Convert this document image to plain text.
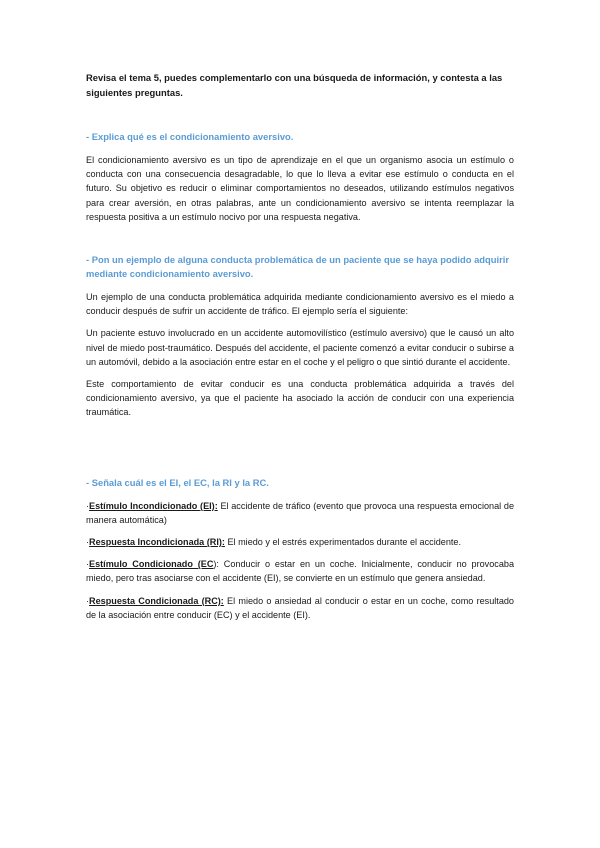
Revisa el tema 5, puedes complementarlo con una búsqueda de información, y contesta a las siguientes preguntas.

- Explica qué es el condicionamiento aversivo.

El condicionamiento aversivo es un tipo de aprendizaje en el que un organismo asocia un estímulo o conducta con una consecuencia desagradable, lo que lo lleva a evitar ese estímulo o conducta en el futuro. Su objetivo es reducir o eliminar comportamientos no deseados, utilizando estímulos negativos para crear aversión, en otras palabras, ante un condicionamiento aversivo se intenta reemplazar la respuesta positiva a un estímulo nocivo por una respuesta negativa.

- Pon un ejemplo de alguna conducta problemática de un paciente que se haya podido adquirir mediante condicionamiento aversivo.

Un ejemplo de una conducta problemática adquirida mediante condicionamiento aversivo es el miedo a conducir después de sufrir un accidente de tráfico. El ejemplo sería el siguiente:

Un paciente estuvo involucrado en un accidente automovilístico (estímulo aversivo) que le causó un alto nivel de miedo post-traumático. Después del accidente, el paciente comenzó a evitar conducir o subirse a un automóvil, debido a la asociación entre estar en el coche y el peligro o que sintió durante el accidente.

Este comportamiento de evitar conducir es una conducta problemática adquirida a través del condicionamiento aversivo, ya que el paciente ha asociado la acción de conducir con una experiencia traumática.

- Señala cuál es el EI, el EC, la RI y la RC.

·Estímulo Incondicionado (EI): El accidente de tráfico (evento que provoca una respuesta emocional de manera automática)

·Respuesta Incondicionada (RI): El miedo y el estrés experimentados durante el accidente.

·Estímulo Condicionado (EC): Conducir o estar en un coche. Inicialmente, conducir no provocaba miedo, pero tras asociarse con el accidente (EI), se convierte en un estímulo que genera ansiedad.

·Respuesta Condicionada (RC): El miedo o ansiedad al conducir o estar en un coche, como resultado de la asociación entre conducir (EC) y el accidente (EI).
